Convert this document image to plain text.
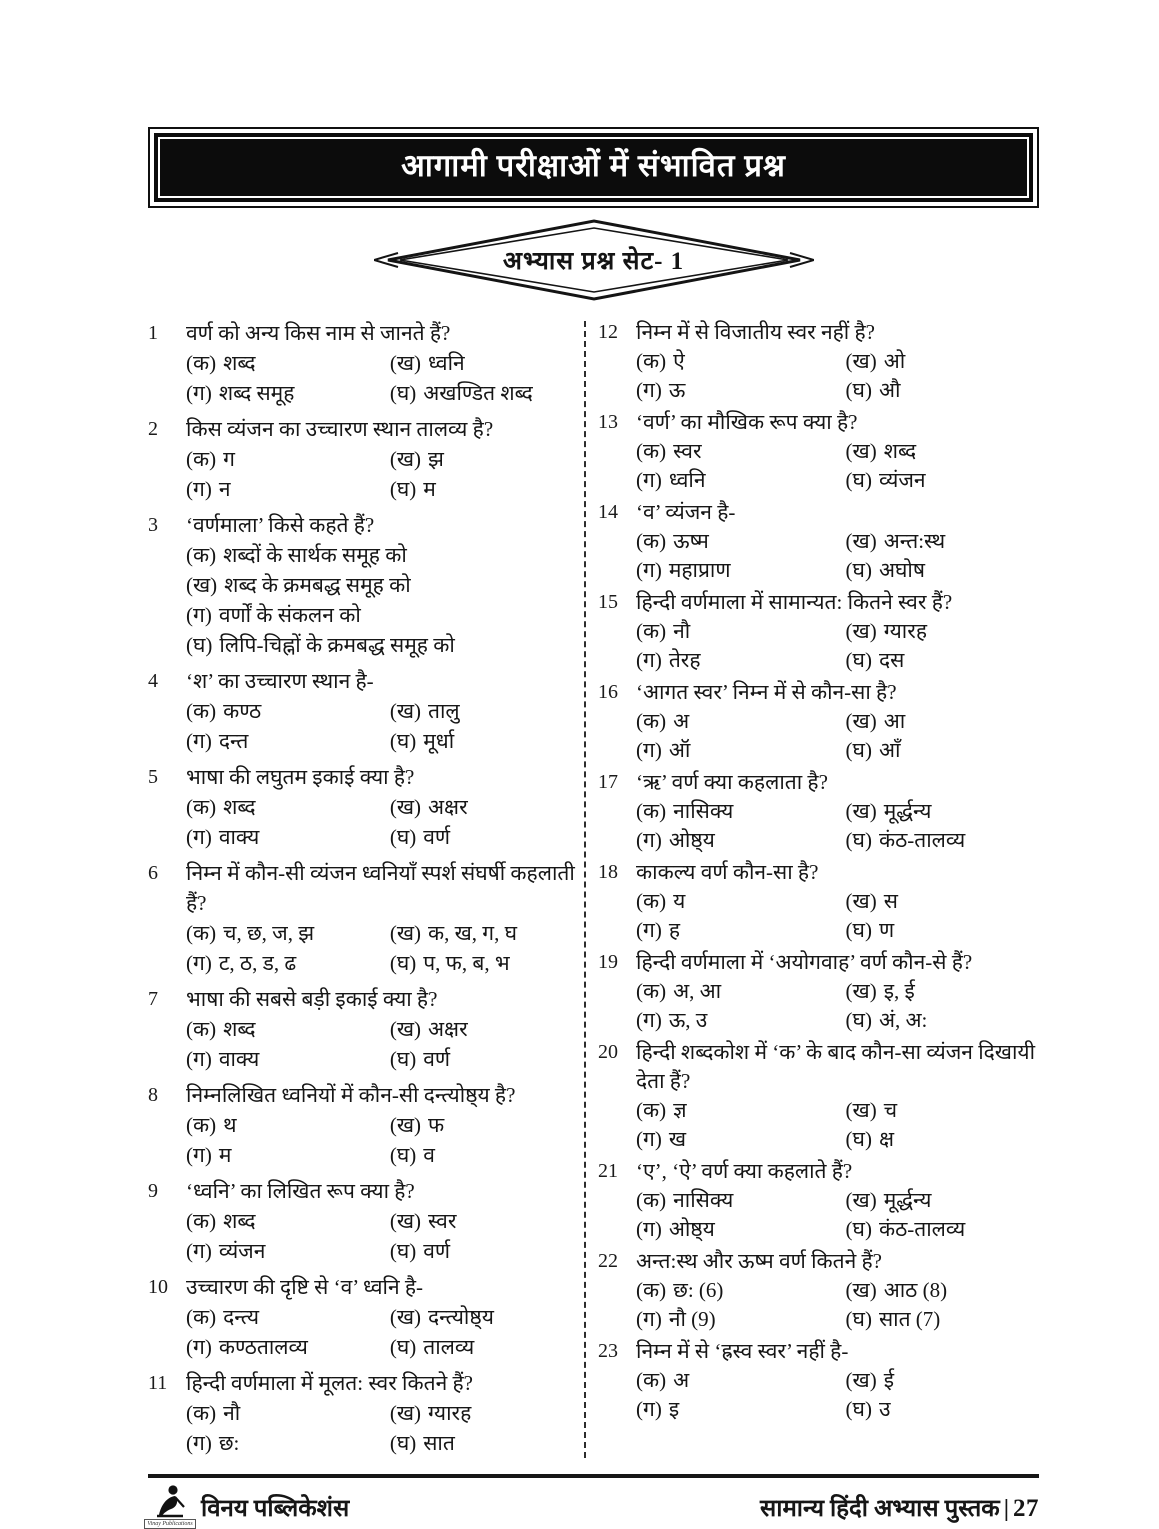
आगामी परीक्षाओं में संभावित प्रश्न
अभ्यास प्रश्न सेट- 1
1	वर्ण को अन्य किस नाम से जानते हैं?
(क) शब्द	(ख) ध्वनि
(ग) शब्द समूह	(घ) अखण्डित शब्द
2	किस व्यंजन का उच्चारण स्थान तालव्य है?
(क) ग	(ख) झ
(ग) न	(घ) म
3	‘वर्णमाला’ किसे कहते हैं?
(क) शब्दों के सार्थक समूह को
(ख) शब्द के क्रमबद्ध समूह को
(ग) वर्णों के संकलन को
(घ) लिपि-चिह्नों के क्रमबद्ध समूह को
4	‘श’ का उच्चारण स्थान है-
(क) कण्ठ	(ख) तालु
(ग) दन्त	(घ) मूर्धा
5	भाषा की लघुतम इकाई क्या है?
(क) शब्द	(ख) अक्षर
(ग) वाक्य	(घ) वर्ण
6	निम्न में कौन-सी व्यंजन ध्वनियाँ स्पर्श संघर्षी कहलाती हैं?
(क) च, छ, ज, झ	(ख) क, ख, ग, घ
(ग) ट, ठ, ड, ढ	(घ) प, फ, ब, भ
7	भाषा की सबसे बड़ी इकाई क्या है?
(क) शब्द	(ख) अक्षर
(ग) वाक्य	(घ) वर्ण
8	निम्नलिखित ध्वनियों में कौन-सी दन्त्योष्ठ्य है?
(क) थ	(ख) फ
(ग) म	(घ) व
9	‘ध्वनि’ का लिखित रूप क्या है?
(क) शब्द	(ख) स्वर
(ग) व्यंजन	(घ) वर्ण
10 उच्चारण की दृष्टि से ‘व’ ध्वनि है-
(क) दन्त्य	(ख) दन्त्योष्ठ्य
(ग) कण्ठतालव्य	(घ) तालव्य
11 हिन्दी वर्णमाला में मूलत: स्वर कितने हैं?
(क) नौ	(ख) ग्यारह
(ग) छ:	(घ) सात
12 निम्न में से विजातीय स्वर नहीं है?
(क) ऐ	(ख) ओ
(ग) ऊ	(घ) औ
13 ‘वर्ण’ का मौखिक रूप क्या है?
(क) स्वर	(ख) शब्द
(ग) ध्वनि	(घ) व्यंजन
14 ‘व’ व्यंजन है-
(क) ऊष्म	(ख) अन्त:स्थ
(ग) महाप्राण	(घ) अघोष
15 हिन्दी वर्णमाला में सामान्यत: कितने स्वर हैं?
(क) नौ	(ख) ग्यारह
(ग) तेरह	(घ) दस
16 ‘आगत स्वर’ निम्न में से कौन-सा है?
(क) अ	(ख) आ
(ग) ऑ	(घ) आँ
17 ‘ऋ’ वर्ण क्या कहलाता है?
(क) नासिक्य	(ख) मूर्द्धन्य
(ग) ओष्ठ्य	(घ) कंठ-तालव्य
18 काकल्य वर्ण कौन-सा है?
(क) य	(ख) स
(ग) ह	(घ) ण
19 हिन्दी वर्णमाला में ‘अयोगवाह’ वर्ण कौन-से हैं?
(क) अ, आ	(ख) इ, ई
(ग) ऊ, उ	(घ) अं, अ:
20 हिन्दी शब्दकोश में ‘क’ के बाद कौन-सा व्यंजन दिखायी देता हैं?
(क) ज्ञ	(ख) च
(ग) ख	(घ) क्ष
21 ‘ए’, ‘ऐ’ वर्ण क्या कहलाते हैं?
(क) नासिक्य	(ख) मूर्द्धन्य
(ग) ओष्ठ्य	(घ) कंठ-तालव्य
22 अन्त:स्थ और ऊष्म वर्ण कितने हैं?
(क) छ: (6)	(ख) आठ (8)
(ग) नौ (9)	(घ) सात (7)
23 निम्न में से ‘ह्रस्व स्वर’ नहीं है-
(क) अ	(ख) ई
(ग) इ	(घ) उ
Vinay Publications
विनय पब्लिकेशंस	सामान्य हिंदी अभ्यास पुस्तक | 27
